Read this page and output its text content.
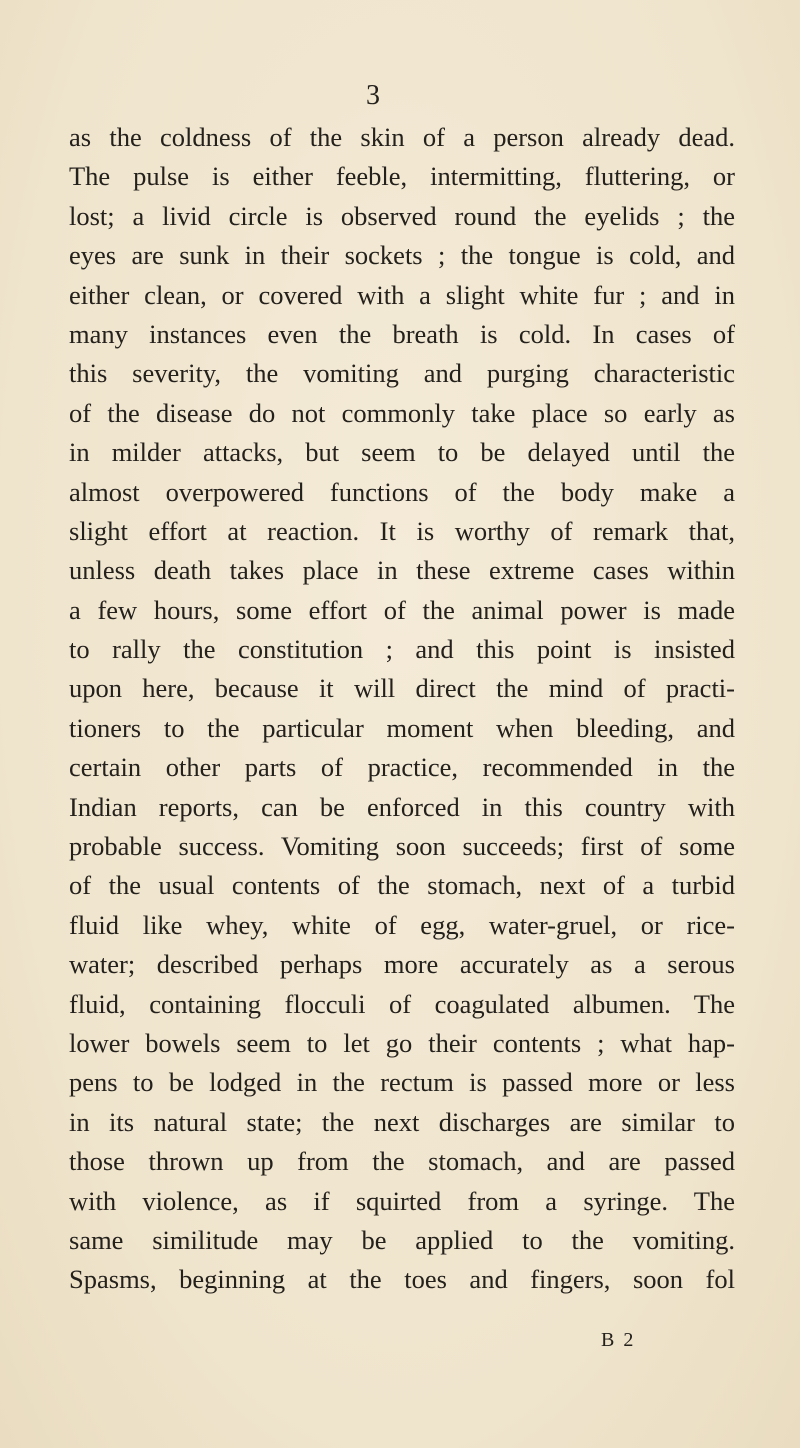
3
as the coldness of the skin of a person already dead.
The pulse is either feeble, intermitting, fluttering, or
lost; a livid circle is observed round the eyelids ; the
eyes are sunk in their sockets ; the tongue is cold, and
either clean, or covered with a slight white fur ; and in
many instances even the breath is cold. In cases of
this severity, the vomiting and purging characteristic
of the disease do not commonly take place so early as
in milder attacks, but seem to be delayed until the
almost overpowered functions of the body make a
slight effort at reaction. It is worthy of remark that,
unless death takes place in these extreme cases within
a few hours, some effort of the animal power is made
to rally the constitution ; and this point is insisted
upon here, because it will direct the mind of practi-
tioners to the particular moment when bleeding, and
certain other parts of practice, recommended in the
Indian reports, can be enforced in this country with
probable success. Vomiting soon succeeds; first of some
of the usual contents of the stomach, next of a turbid
fluid like whey, white of egg, water-gruel, or rice-
water; described perhaps more accurately as a serous
fluid, containing flocculi of coagulated albumen. The
lower bowels seem to let go their contents ; what hap-
pens to be lodged in the rectum is passed more or less
in its natural state; the next discharges are similar to
those thrown up from the stomach, and are passed
with violence, as if squirted from a syringe. The
same similitude may be applied to the vomiting.
Spasms, beginning at the toes and fingers, soon fol
B 2
